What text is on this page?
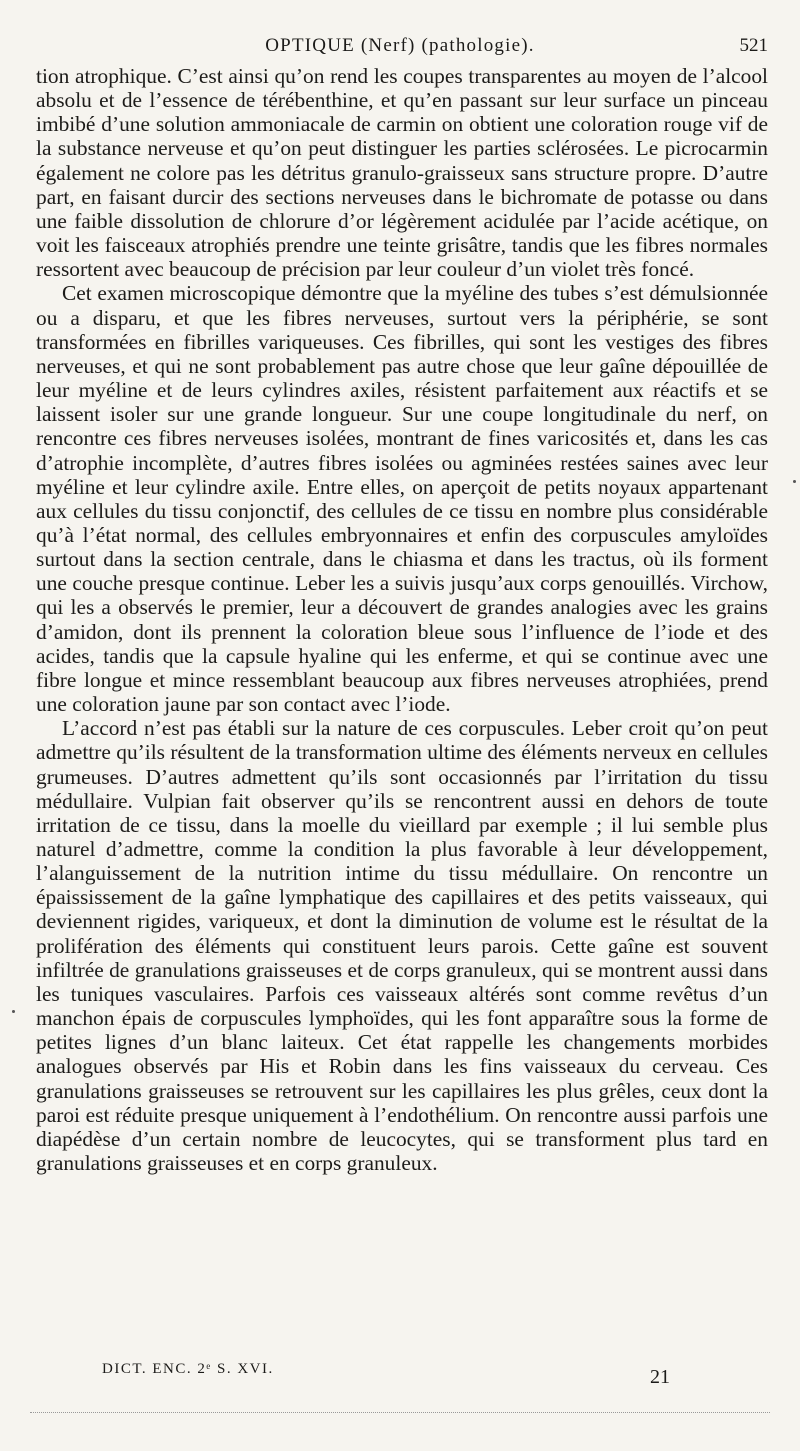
OPTIQUE (Nerf) (pathologie).	521

tion atrophique. C’est ainsi qu’on rend les coupes transparentes au moyen de l’alcool absolu et de l’essence de térébenthine, et qu’en passant sur leur surface un pinceau imbibé d’une solution ammoniacale de carmin on obtient une coloration rouge vif de la substance nerveuse et qu’on peut distinguer les parties sclérosées. Le picrocarmin également ne colore pas les détritus granulo-graisseux sans structure propre. D’autre part, en faisant durcir des sections nerveuses dans le bichromate de potasse ou dans une faible dissolution de chlorure d’or légèrement acidulée par l’acide acétique, on voit les faisceaux atrophiés prendre une teinte grisâtre, tandis que les fibres normales ressortent avec beaucoup de précision par leur couleur d’un violet très foncé.

Cet examen microscopique démontre que la myéline des tubes s’est démulsionnée ou a disparu, et que les fibres nerveuses, surtout vers la périphérie, se sont transformées en fibrilles variqueuses. Ces fibrilles, qui sont les vestiges des fibres nerveuses, et qui ne sont probablement pas autre chose que leur gaîne dépouillée de leur myéline et de leurs cylindres axiles, résistent parfaitement aux réactifs et se laissent isoler sur une grande longueur. Sur une coupe longitudinale du nerf, on rencontre ces fibres nerveuses isolées, montrant de fines varicosités et, dans les cas d’atrophie incomplète, d’autres fibres isolées ou agminées restées saines avec leur myéline et leur cylindre axile. Entre elles, on aperçoit de petits noyaux appartenant aux cellules du tissu conjonctif, des cellules de ce tissu en nombre plus considérable qu’à l’état normal, des cellules embryonnaires et enfin des corpuscules amyloïdes surtout dans la section centrale, dans le chiasma et dans les tractus, où ils forment une couche presque continue. Leber les a suivis jusqu’aux corps genouillés. Virchow, qui les a observés le premier, leur a découvert de grandes analogies avec les grains d’amidon, dont ils prennent la coloration bleue sous l’influence de l’iode et des acides, tandis que la capsule hyaline qui les enferme, et qui se continue avec une fibre longue et mince ressemblant beaucoup aux fibres nerveuses atrophiées, prend une coloration jaune par son contact avec l’iode.

L’accord n’est pas établi sur la nature de ces corpuscules. Leber croit qu’on peut admettre qu’ils résultent de la transformation ultime des éléments nerveux en cellules grumeuses. D’autres admettent qu’ils sont occasionnés par l’irritation du tissu médullaire. Vulpian fait observer qu’ils se rencontrent aussi en dehors de toute irritation de ce tissu, dans la moelle du vieillard par exemple ; il lui semble plus naturel d’admettre, comme la condition la plus favorable à leur développement, l’alanguissement de la nutrition intime du tissu médullaire. On rencontre un épaississement de la gaîne lymphatique des capillaires et des petits vaisseaux, qui deviennent rigides, variqueux, et dont la diminution de volume est le résultat de la prolifération des éléments qui constituent leurs parois. Cette gaîne est souvent infiltrée de granulations graisseuses et de corps granuleux, qui se montrent aussi dans les tuniques vasculaires. Parfois ces vaisseaux altérés sont comme revêtus d’un manchon épais de corpuscules lymphoïdes, qui les font apparaître sous la forme de petites lignes d’un blanc laiteux. Cet état rappelle les changements morbides analogues observés par His et Robin dans les fins vaisseaux du cerveau. Ces granulations graisseuses se retrouvent sur les capillaires les plus grêles, ceux dont la paroi est réduite presque uniquement à l’endothélium. On rencontre aussi parfois une diapédèse d’un certain nombre de leucocytes, qui se transforment plus tard en granulations graisseuses et en corps granuleux.

DICT. ENC. 2ᵉ S. XVI.	21
